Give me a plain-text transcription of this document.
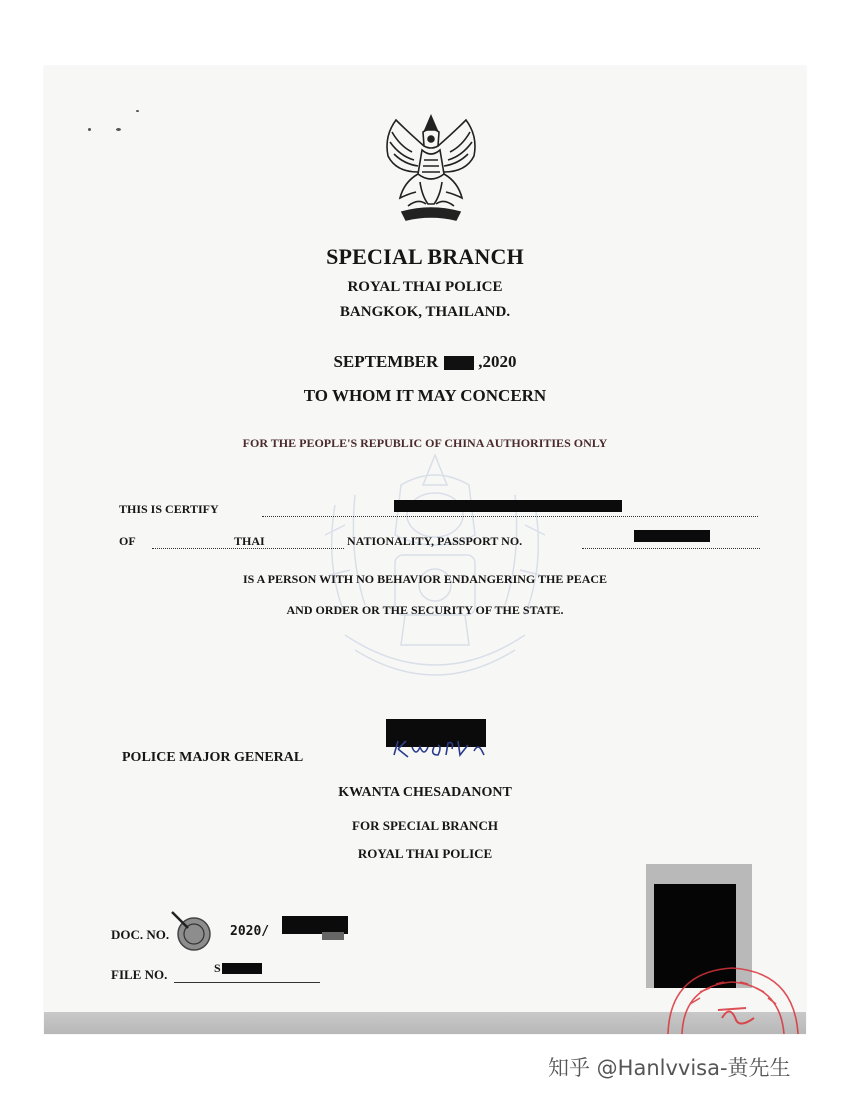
SPECIAL BRANCH
ROYAL THAI POLICE
BANGKOK, THAILAND.
SEPTEMBER ,2020
TO WHOM IT MAY CONCERN
FOR THE PEOPLE'S REPUBLIC OF CHINA AUTHORITIES ONLY
THIS IS CERTIFY
OF	THAI	NATIONALITY, PASSPORT NO.
IS A PERSON WITH NO BEHAVIOR ENDANGERING THE PEACE
AND ORDER OR THE SECURITY OF THE STATE.
POLICE MAJOR GENERAL
KWANTA CHESADANONT
FOR SPECIAL BRANCH
ROYAL THAI POLICE
DOC. NO.	2020/
FILE NO.	S
知乎 @Hanlvvisa-黄先生
